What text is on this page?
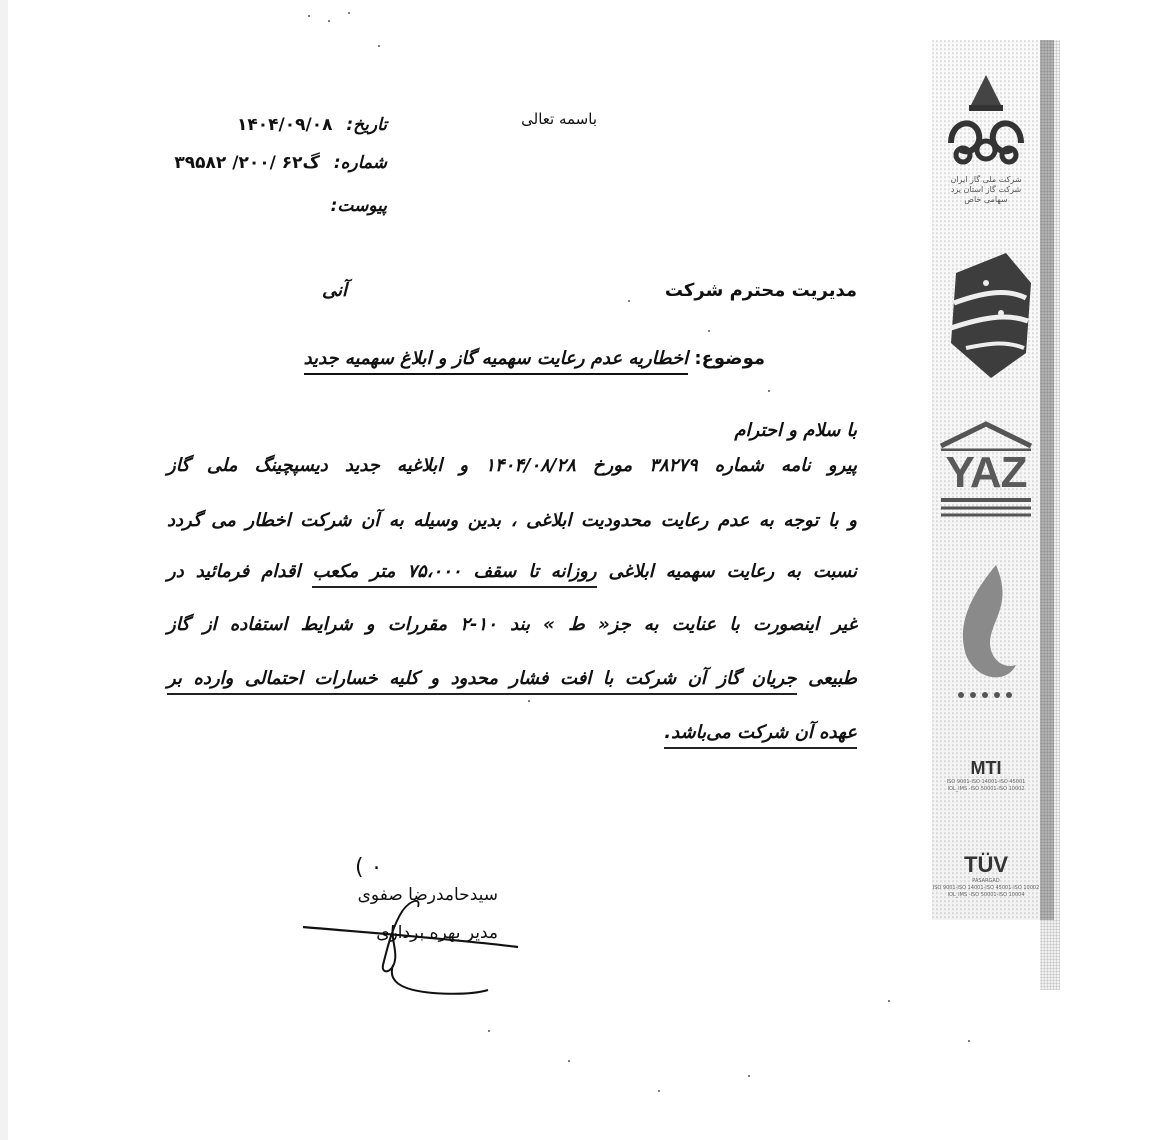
باسمه تعالی
تاریخ: ۱۴۰۴/۰۹/۰۸
شماره: گ۶۲ /۲۰۰/ ۳۹۵۸۲
پیوست:
مدیریت محترم شرکت
آنی
موضوع: اخطاریه عدم رعایت سهمیه گاز و ابلاغ سهمیه جدید
با سلام و احترام
پیرو نامه شماره ۳۸۲۷۹ مورخ ۱۴۰۴/۰۸/۲۸ و ابلاغیه جدید دیسپچینگ ملی گاز
و با توجه به عدم رعایت محدودیت ابلاغی ، بدین وسیله به آن شرکت اخطار می گردد
نسبت به رعایت سهمیه ابلاغی روزانه تا سقف ۷۵،۰۰۰ متر مکعب اقدام فرمائید در
غیر اینصورت با عنایت به جز« ط » بند ۱۰-۲ مقررات و شرایط استفاده از گاز
طبیعی جریان گاز آن شرکت با افت فشار محدود و کلیه خسارات احتمالی وارده بر
عهده آن شرکت می‌باشد.
( ٠
سیدحامدرضا صفوی
مدیر بهره برداری
شرکت ملی گاز ایران
شرکت گاز استان یزد
سهامی خاص
YAZ
MTI
ISO 9001-ISO 14001-ISO 45001
IOL_IMS -ISO 50001-ISO 10002
TÜV
PASARGAD
ISO 9001-ISO 14001-ISO 45001-ISO 10002
IOL_IMS -ISO 50001-ISO 10004
